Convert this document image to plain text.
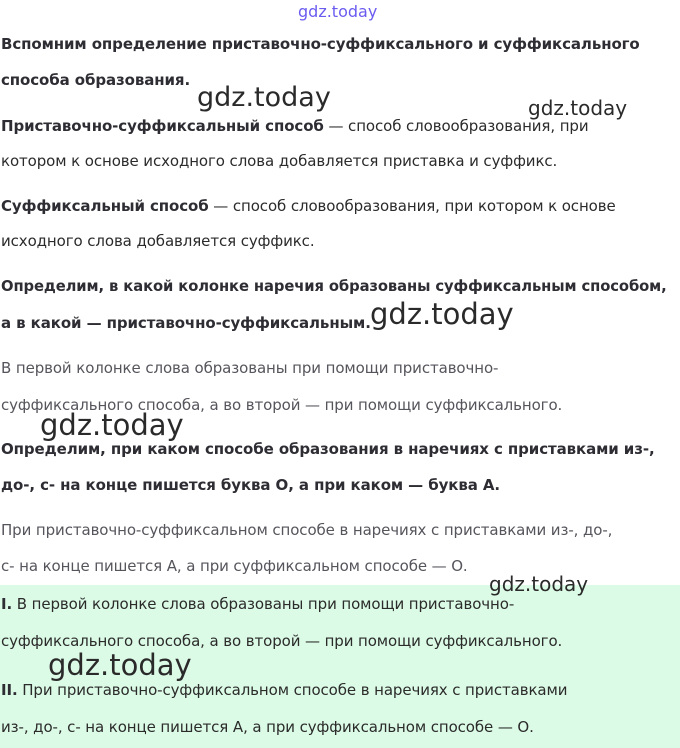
Вспомним определение приставочно-суффиксального и суффиксального
способа образования.
Приставочно-суффиксальный способ — способ словообразования, при
котором к основе исходного слова добавляется приставка и суффикс.
Суффиксальный способ — способ словообразования, при котором к основе
исходного слова добавляется суффикс.
Определим, в какой колонке наречия образованы суффиксальным способом,
а в какой — приставочно-суффиксальным.
В первой колонке слова образованы при помощи приставочно-
суффиксального способа, а во второй — при помощи суффиксального.
Определим, при каком способе образования в наречиях с приставками из-,
до-, с- на конце пишется буква О, а при каком — буква А.
При приставочно-суффиксальном способе в наречиях с приставками из-, до-,
с- на конце пишется А, а при суффиксальном способе — О.
I. В первой колонке слова образованы при помощи приставочно-
суффиксального способа, а во второй — при помощи суффиксального.
II. При приставочно-суффиксальном способе в наречиях с приставками
из-, до-, с- на конце пишется А, а при суффиксальном способе — О.
gdz.today
gdz.today	gdz.today
gdz.today
gdz.today
gdz.today
gdz.today
